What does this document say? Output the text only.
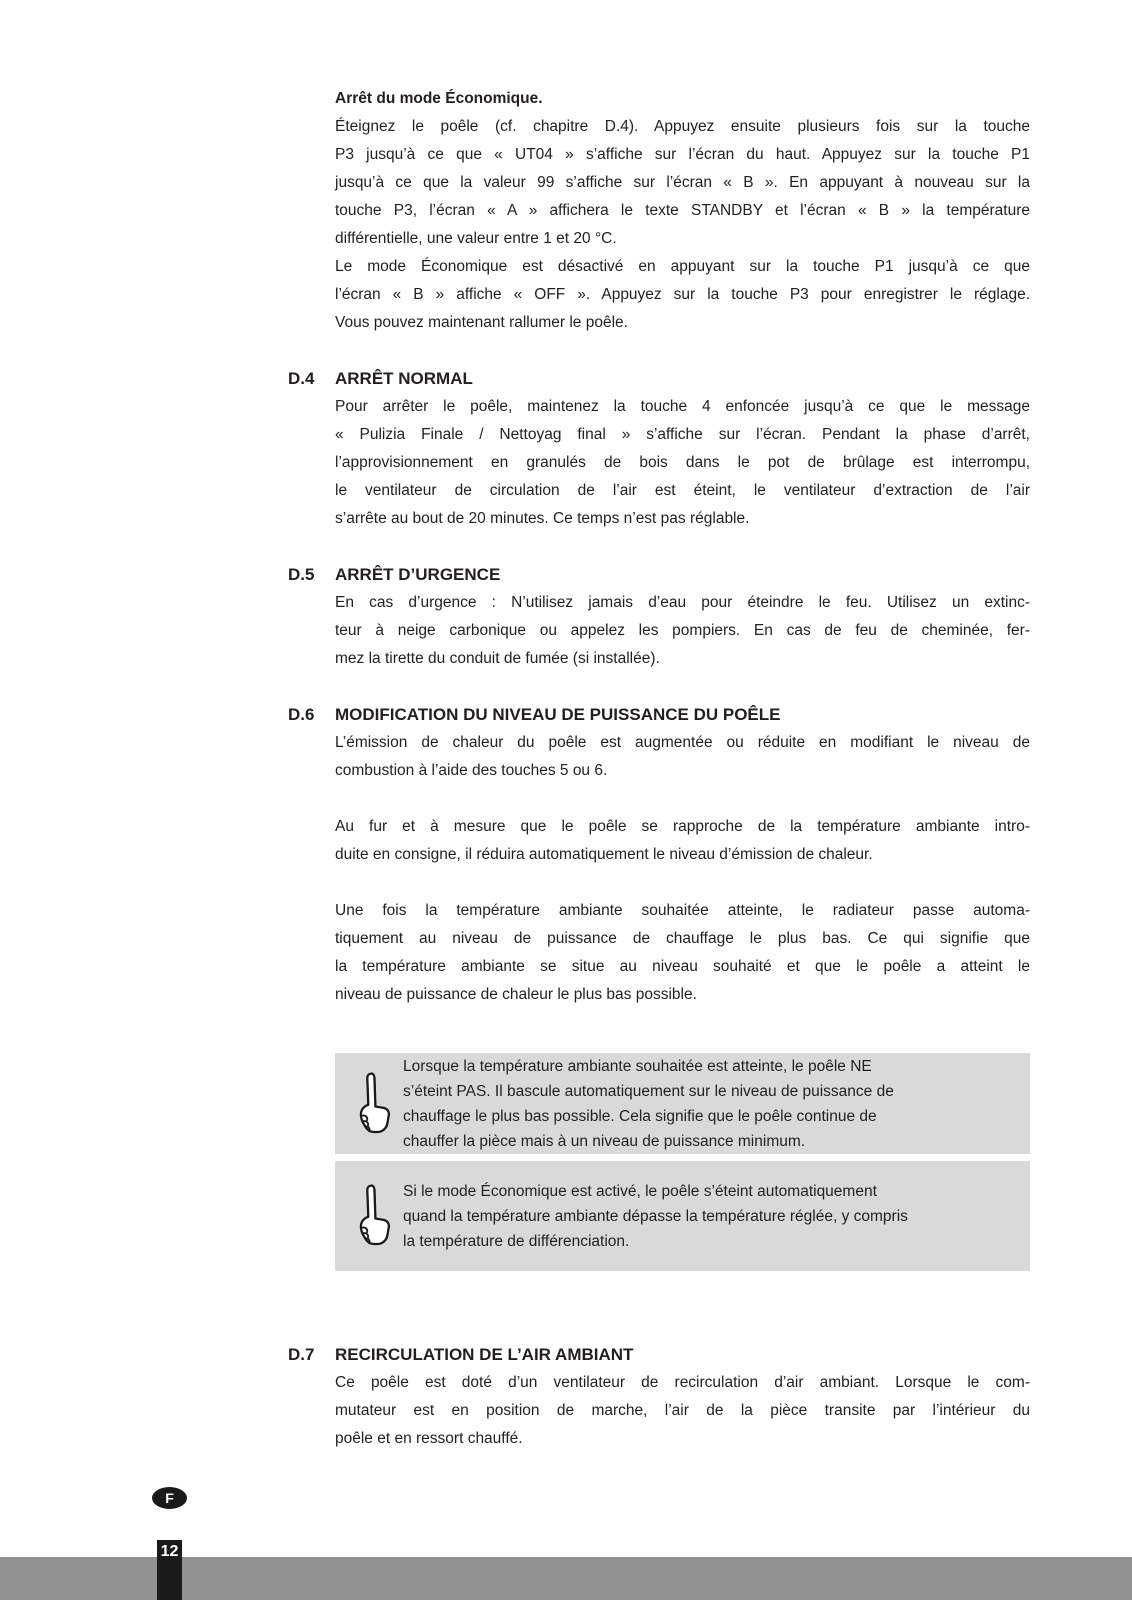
Arrêt du mode Économique.
Éteignez le poêle (cf. chapitre D.4). Appuyez ensuite plusieurs fois sur la touche
P3 jusqu’à ce que « UT04 » s’affiche sur l’écran du haut. Appuyez sur la touche P1
jusqu’à ce que la valeur 99 s’affiche sur l’écran « B ». En appuyant à nouveau sur la
touche P3, l’écran « A » affichera le texte STANDBY et l’écran « B » la température
différentielle, une valeur entre 1 et 20 °C.
Le mode Économique est désactivé en appuyant sur la touche P1 jusqu’à ce que
l’écran « B » affiche « OFF ». Appuyez sur la touche P3 pour enregistrer le réglage.
Vous pouvez maintenant rallumer le poêle.
D.4	ARRÊT NORMAL
Pour arrêter le poêle, maintenez la touche 4 enfoncée jusqu’à ce que le message
« Pulizia Finale / Nettoyag final » s’affiche sur l’écran. Pendant la phase d’arrêt,
l’approvisionnement en granulés de bois dans le pot de brûlage est interrompu,
le ventilateur de circulation de l’air est éteint, le ventilateur d’extraction de l’air
s’arrête au bout de 20 minutes. Ce temps n’est pas réglable.
D.5	ARRÊT D’URGENCE
En cas d’urgence : N’utilisez jamais d’eau pour éteindre le feu. Utilisez un extinc-
teur à neige carbonique ou appelez les pompiers. En cas de feu de cheminée, fer-
mez la tirette du conduit de fumée (si installée).
D.6	MODIFICATION DU NIVEAU DE PUISSANCE DU POÊLE
L’émission de chaleur du poêle est augmentée ou réduite en modifiant le niveau de
combustion à l’aide des touches 5 ou 6.
Au fur et à mesure que le poêle se rapproche de la température ambiante intro-
duite en consigne, il réduira automatiquement le niveau d’émission de chaleur.
Une fois la température ambiante souhaitée atteinte, le radiateur passe automa-
tiquement au niveau de puissance de chauffage le plus bas. Ce qui signifie que
la température ambiante se situe au niveau souhaité et que le poêle a atteint le
niveau de puissance de chaleur le plus bas possible.
Lorsque la température ambiante souhaitée est atteinte, le poêle NE
s’éteint PAS. Il bascule automatiquement sur le niveau de puissance de
chauffage le plus bas possible. Cela signifie que le poêle continue de
chauffer la pièce mais à un niveau de puissance minimum.
Si le mode Économique est activé, le poêle s’éteint automatiquement
quand la température ambiante dépasse la température réglée, y compris
la température de différenciation.
D.7	RECIRCULATION DE L’AIR AMBIANT
Ce poêle est doté d’un ventilateur de recirculation d’air ambiant. Lorsque le com-
mutateur est en position de marche, l’air de la pièce transite par l’intérieur du
poêle et en ressort chauffé.
F
12
